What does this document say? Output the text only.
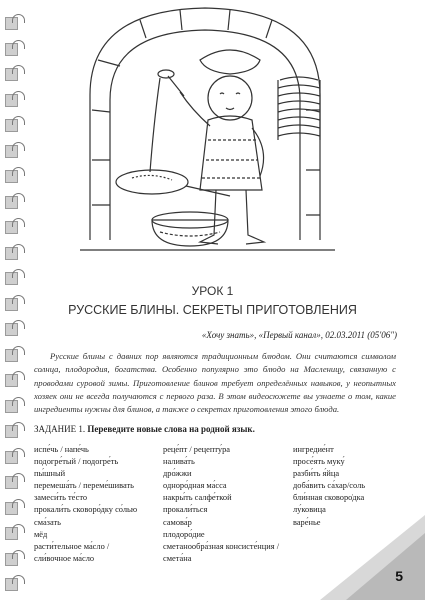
УРОК 1
РУССКИЕ БЛИНЫ. СЕКРЕТЫ ПРИГОТОВЛЕНИЯ
«Хочу знать», «Первый канал», 02.03.2011 (05'06")

Русские блины с давних пор являются традиционным блюдом. Они считаются символом солнца, плодородия, богатства. Особенно популярно это блюдо на Масленицу, связанную с проводами суровой зимы. Приготовление блинов требует определённых навыков, у неопытных хозяек они не всегда получаются с первого раза. В этом видеосюжете вы узнаете о том, какие ингредиенты нужны для блинов, а также о секретах приготовления этого блюда.

ЗАДАНИЕ 1. Переведите новые слова на родной язык.
испе́чь / напе́чь
подогре́тый / подогре́ть
пы́шный
перемеша́ть / переме́шивать
замеси́ть те́сто
прокали́ть сковоро́дку со́лью
сма́зать
мёд
расти́тельное ма́сло /
сли́вочное ма́сло
реце́пт / рецепту́ра
налива́ть
дро́жжи
одноро́дная ма́сса
накры́ть салфе́ткой
прокали́ться
самова́р
плодоро́дие
сметанообра́зная консисте́нция /
смета́на
ингредие́нт
просе́ять муку́
разби́ть я́йца
доба́вить са́хар/соль
бли́нная сковорo̍дка
лу́ковица
варе́нье
5
